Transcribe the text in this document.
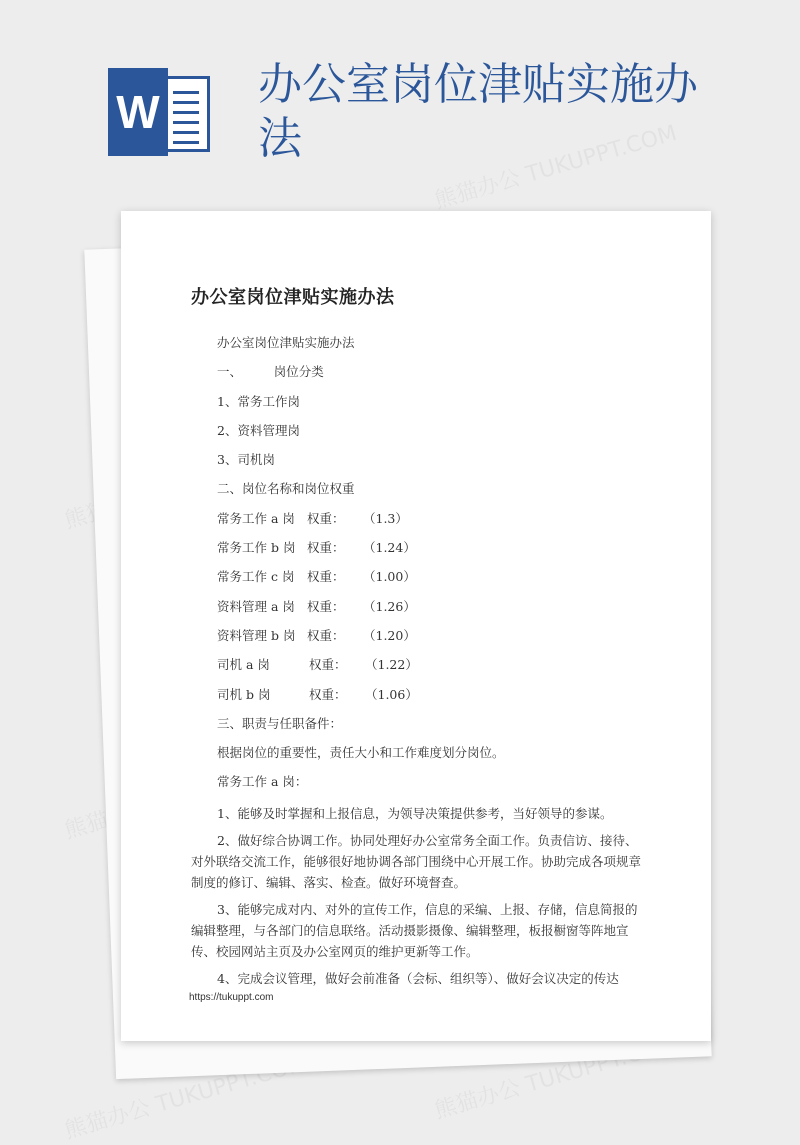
W
办公室岗位津贴实施办法
办公室岗位津贴实施办法

办公室岗位津贴实施办法

一、        岗位分类

1、常务工作岗

2、资料管理岗

3、司机岗

二、岗位名称和岗位权重

常务工作 a 岗 权重： （1.3）

常务工作 b 岗 权重： （1.24）

常务工作 c 岗 权重： （1.00）

资料管理 a 岗 权重： （1.26）

资料管理 b 岗 权重： （1.20）

司机 a 岗	权重： （1.22）

司机 b 岗	权重： （1.06）

三、职责与任职备件：

根据岗位的重要性，责任大小和工作难度划分岗位。

常务工作 a 岗：

1、能够及时掌握和上报信息，为领导决策提供参考，当好领导的参谋。

2、做好综合协调工作。协同处理好办公室常务全面工作。负责信访、接待、对外联络交流工作，能够很好地协调各部门围绕中心开展工作。协助完成各项规章制度的修订、编辑、落实、检查。做好环境督查。

3、能够完成对内、对外的宣传工作，信息的采编、上报、存储，信息简报的编辑整理，与各部门的信息联络。活动摄影摄像、编辑整理，板报橱窗等阵地宣传、校园网站主页及办公室网页的维护更新等工作。

4、完成会议管理，做好会前准备（会标、组织等）、做好会议决定的传达

https://tukuppt.com
